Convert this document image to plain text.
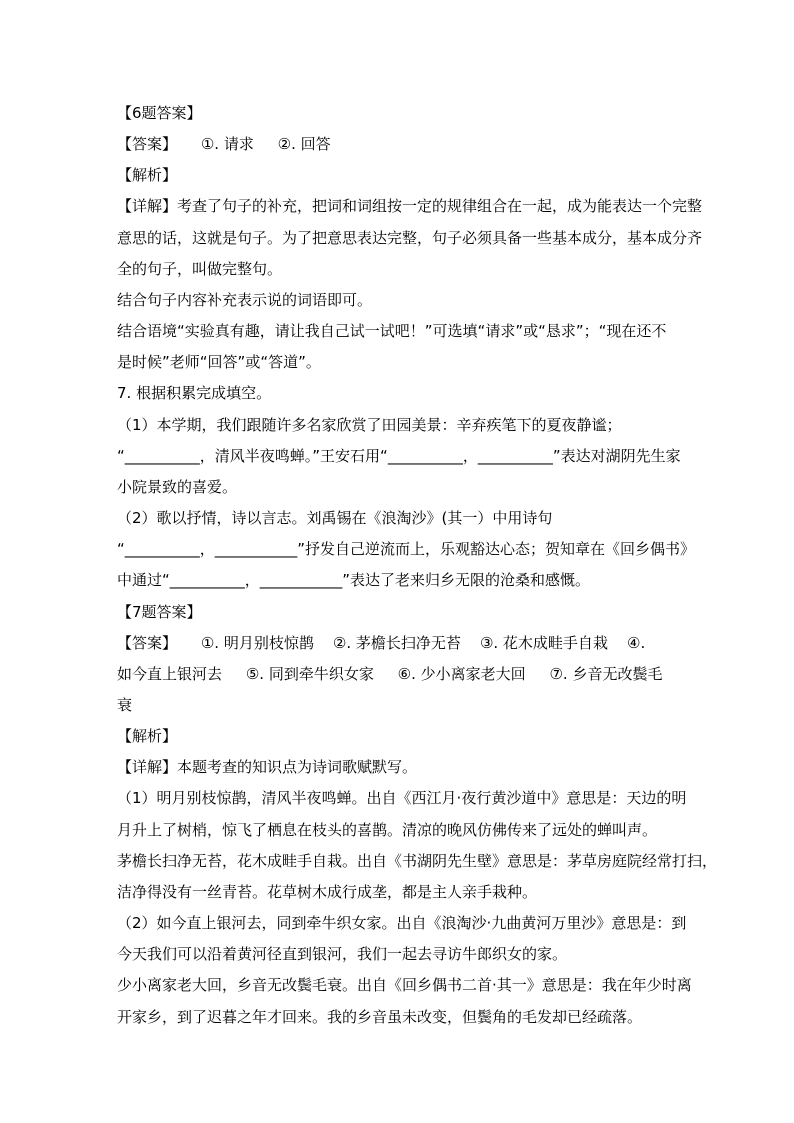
【6题答案】
【答案】     ①. 请求     ②. 回答
【解析】
【详解】考查了句子的补充，把词和词组按一定的规律组合在一起，成为能表达一个完整
意思的话，这就是句子。为了把意思表达完整，句子必须具备一些基本成分，基本成分齐
全的句子，叫做完整句。
结合句子内容补充表示说的词语即可。
结合语境“实验真有趣，请让我自己试一试吧！”可选填“请求”或“恳求”；“现在还不
是时候”老师“回答”或“答道”。
7. 根据积累完成填空。
（1）本学期，我们跟随许多名家欣赏了田园美景：辛弃疾笔下的夏夜静谧；
“__________，清风半夜鸣蝉。”王安石用“__________，__________”表达对湖阴先生家
小院景致的喜爱。
（2）歌以抒情，诗以言志。刘禹锡在《浪淘沙》(其一）中用诗句
“__________，___________”抒发自己逆流而上，乐观豁达心态；贺知章在《回乡偶书》
中通过“__________，___________”表达了老来归乡无限的沧桑和感慨。
【7题答案】
【答案】     ①. 明月别枝惊鹊    ②. 茅檐长扫净无苔    ③. 花木成畦手自栽    ④.
如今直上银河去     ⑤. 同到牵牛织女家     ⑥. 少小离家老大回     ⑦. 乡音无改鬓毛
衰
【解析】
【详解】本题考查的知识点为诗词歌赋默写。
（1）明月别枝惊鹊，清风半夜鸣蝉。出自《西江月·夜行黄沙道中》意思是：天边的明
月升上了树梢，惊飞了栖息在枝头的喜鹊。清凉的晚风仿佛传来了远处的蝉叫声。
茅檐长扫净无苔，花木成畦手自栽。出自《书湖阴先生壁》意思是：茅草房庭院经常打扫，
洁净得没有一丝青苔。花草树木成行成垄，都是主人亲手栽种。
（2）如今直上银河去，同到牵牛织女家。出自《浪淘沙·九曲黄河万里沙》意思是：到
今天我们可以沿着黄河径直到银河，我们一起去寻访牛郎织女的家。
少小离家老大回，乡音无改鬓毛衰。出自《回乡偶书二首·其一》意思是：我在年少时离
开家乡，到了迟暮之年才回来。我的乡音虽未改变，但鬓角的毛发却已经疏落。
